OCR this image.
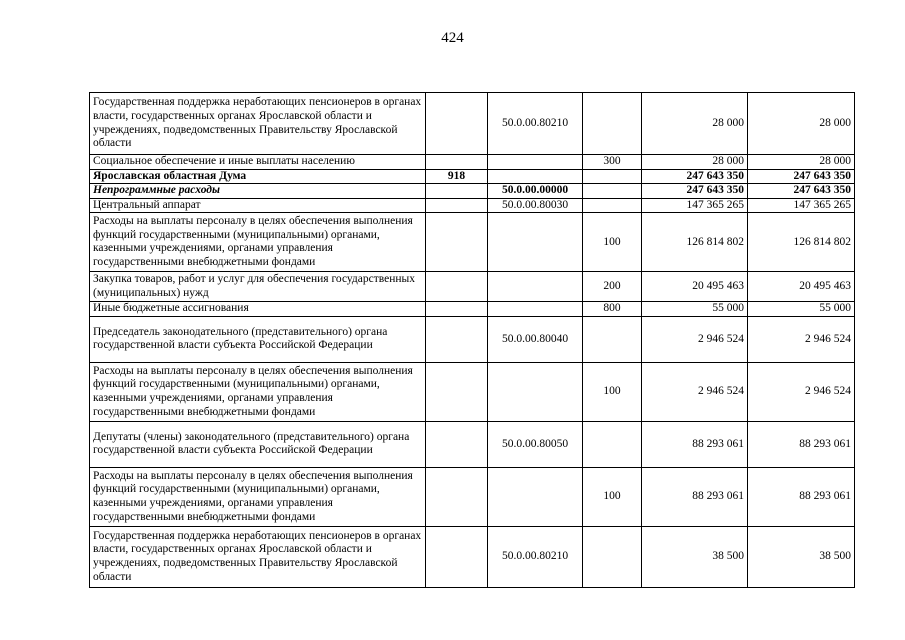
424
Государственная поддержка неработающих пенсионеров в органах власти, государственных органах Ярославской области и учреждениях, подведомственных Правительству Ярославской области		50.0.00.80210		28 000	28 000
Социальное обеспечение и иные выплаты населению			300	28 000	28 000
Ярославская областная Дума	918			247 643 350	247 643 350
Непрограммные расходы		50.0.00.00000		247 643 350	247 643 350
Центральный аппарат		50.0.00.80030		147 365 265	147 365 265
Расходы на выплаты персоналу в целях обеспечения выполнения функций государственными (муниципальными) органами, казенными учреждениями, органами управления государственными внебюджетными фондами			100	126 814 802	126 814 802
Закупка товаров, работ и услуг для обеспечения государственных (муниципальных) нужд			200	20 495 463	20 495 463
Иные бюджетные ассигнования			800	55 000	55 000
Председатель законодательного (представительного) органа государственной власти субъекта Российской Федерации		50.0.00.80040		2 946 524	2 946 524
Расходы на выплаты персоналу в целях обеспечения выполнения функций государственными (муниципальными) органами, казенными учреждениями, органами управления государственными внебюджетными фондами			100	2 946 524	2 946 524
Депутаты (члены) законодательного (представительного) органа государственной власти субъекта Российской Федерации		50.0.00.80050		88 293 061	88 293 061
Расходы на выплаты персоналу в целях обеспечения выполнения функций государственными (муниципальными) органами, казенными учреждениями, органами управления государственными внебюджетными фондами			100	88 293 061	88 293 061
Государственная поддержка неработающих пенсионеров в органах власти, государственных органах Ярославской области и учреждениях, подведомственных Правительству Ярославской области		50.0.00.80210		38 500	38 500
